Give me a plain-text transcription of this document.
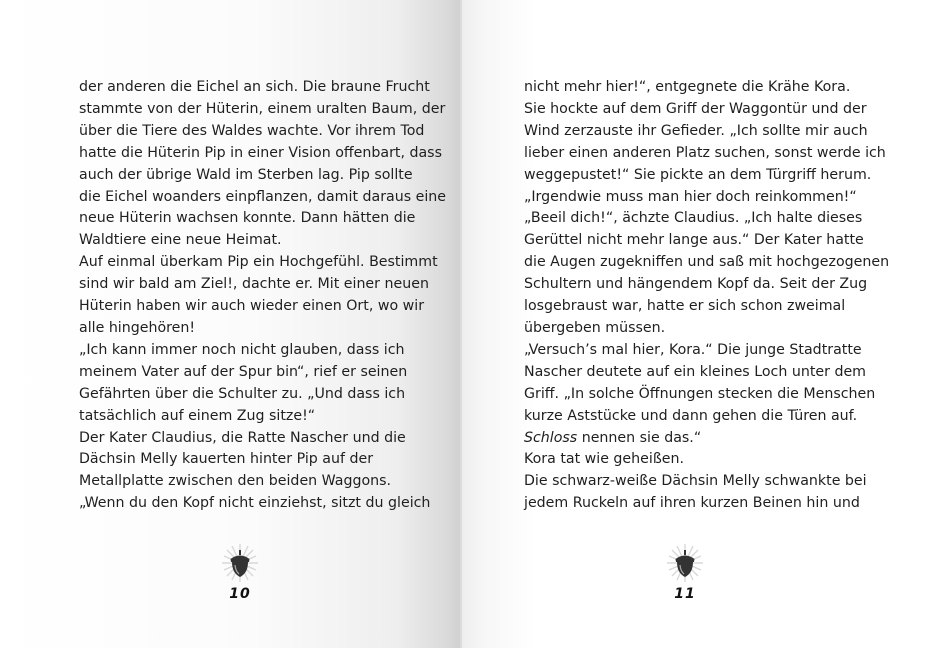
der anderen die Eichel an sich. Die braune Frucht
stammte von der Hüterin, einem uralten Baum, der
über die Tiere des Waldes wachte. Vor ihrem Tod
hatte die Hüterin Pip in einer Vision offenbart, dass
auch der übrige Wald im Sterben lag. Pip sollte
die Eichel woanders einpflanzen, damit daraus eine
neue Hüterin wachsen konnte. Dann hätten die
Waldtiere eine neue Heimat.
Auf einmal überkam Pip ein Hochgefühl. Bestimmt
sind wir bald am Ziel!, dachte er. Mit einer neuen
Hüterin haben wir auch wieder einen Ort, wo wir
alle hingehören!
„Ich kann immer noch nicht glauben, dass ich
meinem Vater auf der Spur bin“, rief er seinen
Gefährten über die Schulter zu. „Und dass ich
tatsächlich auf einem Zug sitze!“
Der Kater Claudius, die Ratte Nascher und die
Dächsin Melly kauerten hinter Pip auf der
Metallplatte zwischen den beiden Waggons.
„Wenn du den Kopf nicht einziehst, sitzt du gleich
10
nicht mehr hier!“, entgegnete die Krähe Kora.
Sie hockte auf dem Griff der Waggontür und der
Wind zerzauste ihr Gefieder. „Ich sollte mir auch
lieber einen anderen Platz suchen, sonst werde ich
weggepustet!“ Sie pickte an dem Türgriff herum.
„Irgendwie muss man hier doch reinkommen!“
„Beeil dich!“, ächzte Claudius. „Ich halte dieses
Gerüttel nicht mehr lange aus.“ Der Kater hatte
die Augen zugekniffen und saß mit hochgezogenen
Schultern und hängendem Kopf da. Seit der Zug
losgebraust war, hatte er sich schon zweimal
übergeben müssen.
„Versuch’s mal hier, Kora.“ Die junge Stadtratte
Nascher deutete auf ein kleines Loch unter dem
Griff. „In solche Öffnungen stecken die Menschen
kurze Aststücke und dann gehen die Türen auf.
Schloss nennen sie das.“
Kora tat wie geheißen.
Die schwarz-weiße Dächsin Melly schwankte bei
jedem Ruckeln auf ihren kurzen Beinen hin und
11
